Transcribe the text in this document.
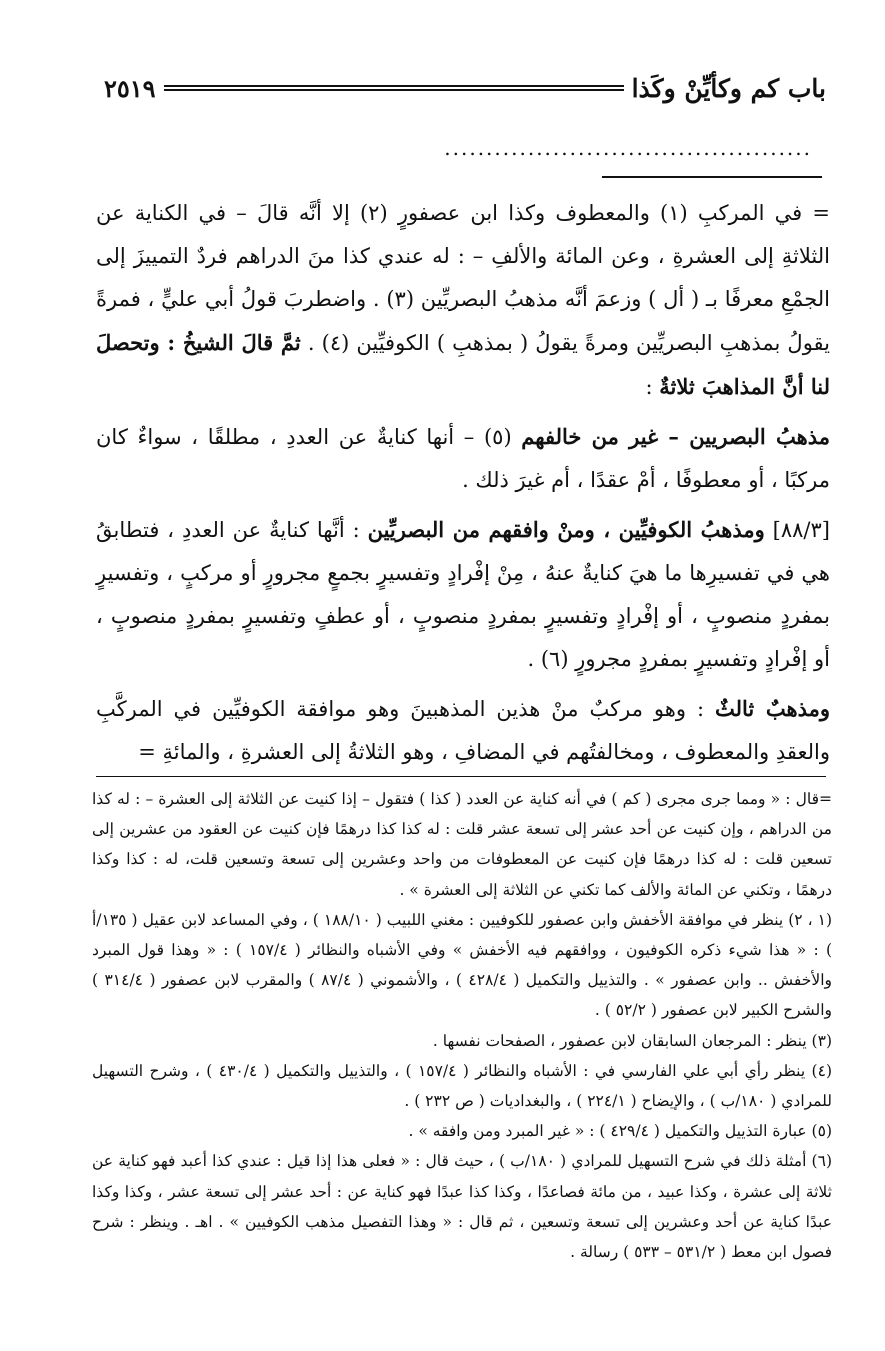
باب كم وكأيِّنْ وكَذا
٢٥١٩
............................................

= في المركبِ (١) والمعطوف وكذا ابن عصفورٍ (٢) إلا أنَّه قالَ – في الكناية عن الثلاثةِ إلى العشرةِ ، وعن المائة والألفِ – : له عندي كذا منَ الدراهم فردٌ التمييزَ إلى الجمْعِ معرفًا بـ ( أل ) وزعمَ أنَّه مذهبُ البصريِّين (٣) . واضطربَ قولُ أبي عليٍّ ، فمرةً يقولُ بمذهبِ البصريِّين ومرةً يقولُ ( بمذهبِ ) الكوفيِّين (٤) . ثمَّ قالَ الشيخُ : وتحصلَ لنا أنَّ المذاهبَ ثلاثةٌ :

مذهبُ البصريين – غير من خالفهم (٥) – أنها كنايةٌ عن العددِ ، مطلقًا ، سواءٌ كان مركبًا ، أو معطوفًا ، أمْ عقدًا ، أم غيرَ ذلك .

[٨٨/٣] ومذهبُ الكوفيِّين ، ومنْ وافقهم من البصريِّين : أنَّها كنايةٌ عن العددِ ، فتطابقُ هي في تفسيرِها ما هيَ كنايةٌ عنهُ ، مِنْ إفْرادٍ وتفسيرٍ بجمعٍ مجرورٍ أو مركبٍ ، وتفسيرٍ بمفردٍ منصوبٍ ، أو إفْرادٍ وتفسيرٍ بمفردٍ منصوبٍ ، أو عطفٍ وتفسيرٍ بمفردٍ منصوبٍ ، أو إفْرادٍ وتفسيرٍ بمفردٍ مجرورٍ (٦) .

ومذهبٌ ثالثٌ : وهو مركبٌ منْ هذين المذهبينَ وهو موافقة الكوفيِّين في المركَّبِ والعقدِ والمعطوف ، ومخالفتُهم في المضافِ ، وهو الثلاثةُ إلى العشرةِ ، والمائةِ =

=قال : « ومما جرى مجرى ( كم ) في أنه كناية عن العدد ( كذا ) فتقول – إذا كنيت عن الثلاثة إلى العشرة – : له كذا من الدراهم ، وإن كنيت عن أحد عشر إلى تسعة عشر قلت : له كذا كذا درهمًا فإن كنيت عن العقود من عشرين إلى تسعين قلت : له كذا درهمًا فإن كنيت عن المعطوفات من واحد وعشرين إلى تسعة وتسعين قلت، له : كذا وكذا درهمًا ، وتكني عن المائة والألف كما تكني عن الثلاثة إلى العشرة » .

(١ ، ٢) ينظر في موافقة الأخفش وابن عصفور للكوفيين : مغني اللبيب ( ١٨٨/١٠ ) ، وفي المساعد لابن عقيل ( ١٣٥/أ ) : « هذا شيء ذكره الكوفيون ، ووافقهم فيه الأخفش » وفي الأشباه والنظائر ( ١٥٧/٤ ) : « وهذا قول المبرد والأخفش .. وابن عصفور » . والتذييل والتكميل ( ٤٢٨/٤ ) ، والأشموني ( ٨٧/٤ ) والمقرب لابن عصفور ( ٣١٤/٤ ) والشرح الكبير لابن عصفور ( ٥٢/٢ ) .

(٣) ينظر : المرجعان السابقان لابن عصفور ، الصفحات نفسها .

(٤) ينظر رأي أبي علي الفارسي في : الأشباه والنظائر ( ١٥٧/٤ ) ، والتذييل والتكميل ( ٤٣٠/٤ ) ، وشرح التسهيل للمرادي ( ١٨٠/ب ) ، والإيضاح ( ٢٢٤/١ ) ، والبغداديات ( ص ٢٣٢ ) .

(٥) عبارة التذييل والتكميل ( ٤٢٩/٤ ) : « غير المبرد ومن وافقه » .

(٦) أمثلة ذلك في شرح التسهيل للمرادي ( ١٨٠/ب ) ، حيث قال : « فعلى هذا إذا قيل : عندي كذا أعبد فهو كناية عن ثلاثة إلى عشرة ، وكذا عبيد ، من مائة فصاعدًا ، وكذا كذا عبدًا فهو كناية عن : أحد عشر إلى تسعة عشر ، وكذا وكذا عبدًا كناية عن أحد وعشرين إلى تسعة وتسعين ، ثم قال : « وهذا التفصيل مذهب الكوفيين » . اهـ . وينظر : شرح فصول ابن معط ( ٥٣١/٢ – ٥٣٣ ) رسالة .
